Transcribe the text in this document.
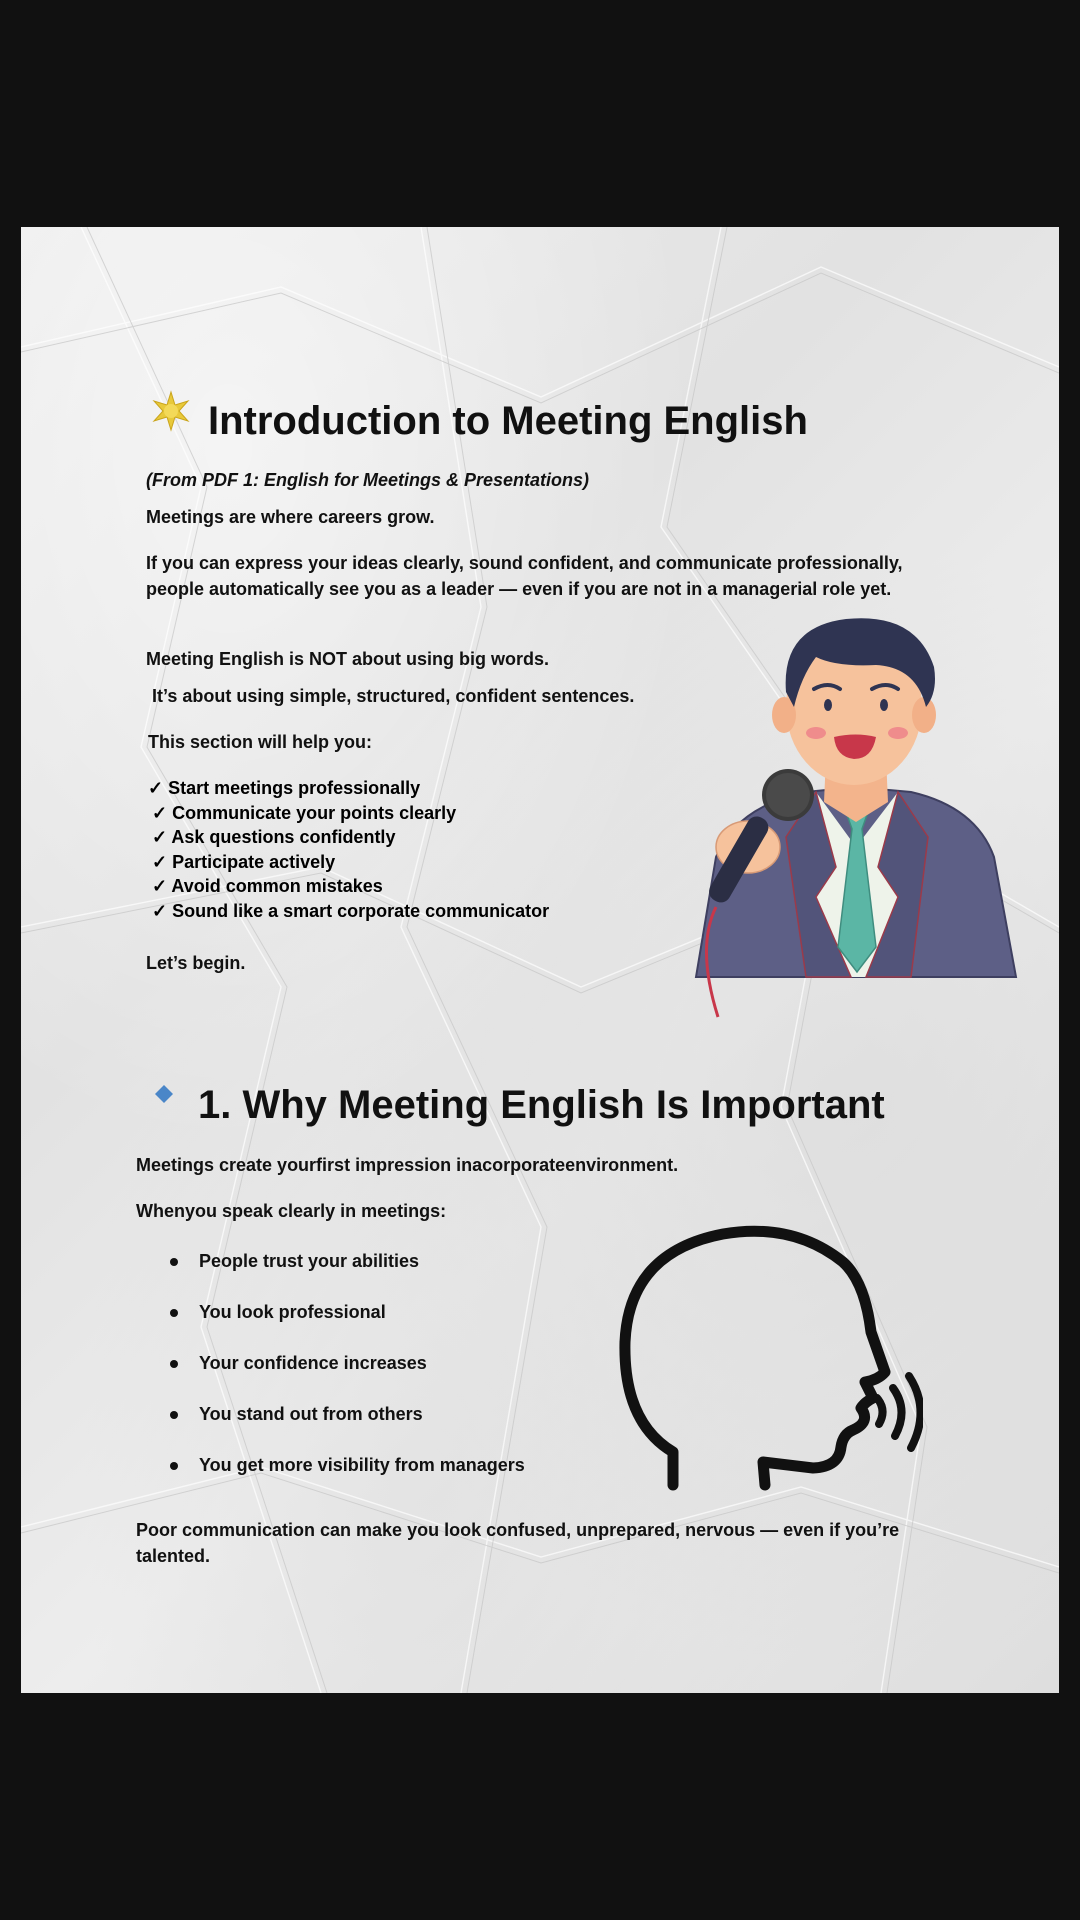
Introduction to Meeting English
(From PDF 1: English for Meetings & Presentations)
Meetings are where careers grow.
If you can express your ideas clearly, sound confident, and communicate professionally, people automatically see you as a leader — even if you are not in a managerial role yet.
Meeting English is NOT about using big words.
It’s about using simple, structured, confident sentences.
This section will help you:
✓ Start meetings professionally
✓ Communicate your points clearly
✓ Ask questions confidently
✓ Participate actively
✓ Avoid common mistakes
✓ Sound like a smart corporate communicator
Let’s begin.
1. Why Meeting English Is Important
Meetings create yourfirst impression inacorporateenvironment.
Whenyou speak clearly in meetings:
People trust your abilities
You look professional
Your confidence increases
You stand out from others
You get more visibility from managers
Poor communication can make you look confused, unprepared, nervous — even if you’re talented.
